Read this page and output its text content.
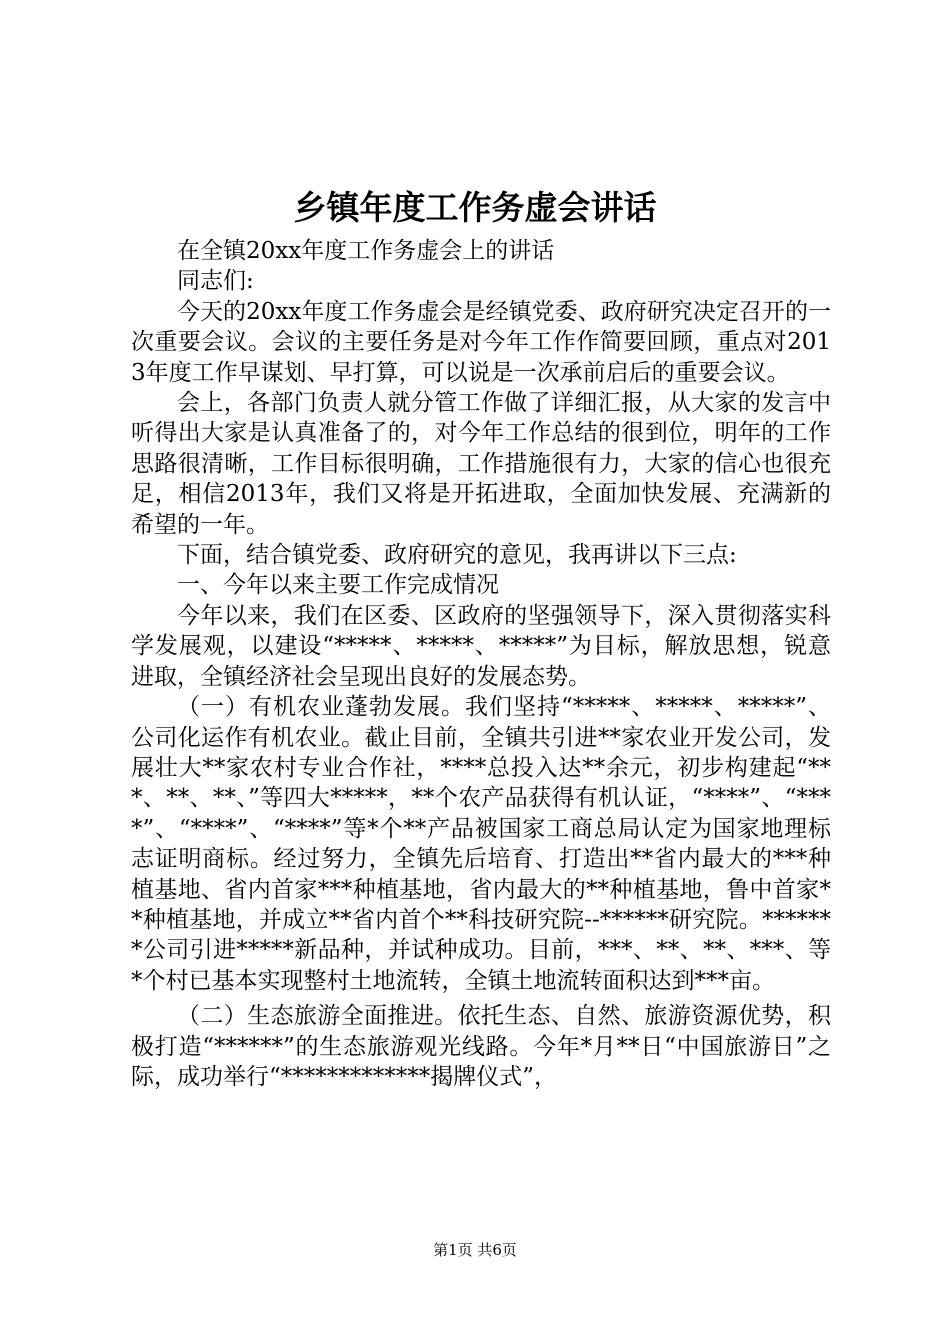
乡镇年度工作务虚会讲话

在全镇20xx年度工作务虚会上的讲话

同志们:

今天的20xx年度工作务虚会是经镇党委、政府研究决定召开的一次重要会议。会议的主要任务是对今年工作作简要回顾，重点对2013年度工作早谋划、早打算，可以说是一次承前启后的重要会议。

会上，各部门负责人就分管工作做了详细汇报，从大家的发言中听得出大家是认真准备了的，对今年工作总结的很到位，明年的工作思路很清晰，工作目标很明确，工作措施很有力，大家的信心也很充足，相信2013年，我们又将是开拓进取，全面加快发展、充满新的希望的一年。

下面，结合镇党委、政府研究的意见，我再讲以下三点:

一、今年以来主要工作完成情况

今年以来，我们在区委、区政府的坚强领导下，深入贯彻落实科学发展观，以建设“*****、*****、*****”为目标，解放思想，锐意进取，全镇经济社会呈现出良好的发展态势。

（一）有机农业蓬勃发展。我们坚持“*****、*****、*****”、公司化运作有机农业。截止目前，全镇共引进**家农业开发公司，发展壮大**家农村专业合作社，****总投入达**余元，初步构建起“***、**、**、”等四大*****，**个农产品获得有机认证，“****”、“****”、“****”、“****”等*个**产品被国家工商总局认定为国家地理标志证明商标。经过努力，全镇先后培育、打造出**省内最大的***种植基地、省内首家***种植基地，省内最大的**种植基地，鲁中首家**种植基地，并成立**省内首个**科技研究院--******研究院。*******公司引进*****新品种，并试种成功。目前，***、**、**、***、等*个村已基本实现整村土地流转，全镇土地流转面积达到***亩。

（二）生态旅游全面推进。依托生态、自然、旅游资源优势，积极打造“******”的生态旅游观光线路。今年*月**日“中国旅游日”之际，成功举行“*************揭牌仪式”，

第1页 共6页
